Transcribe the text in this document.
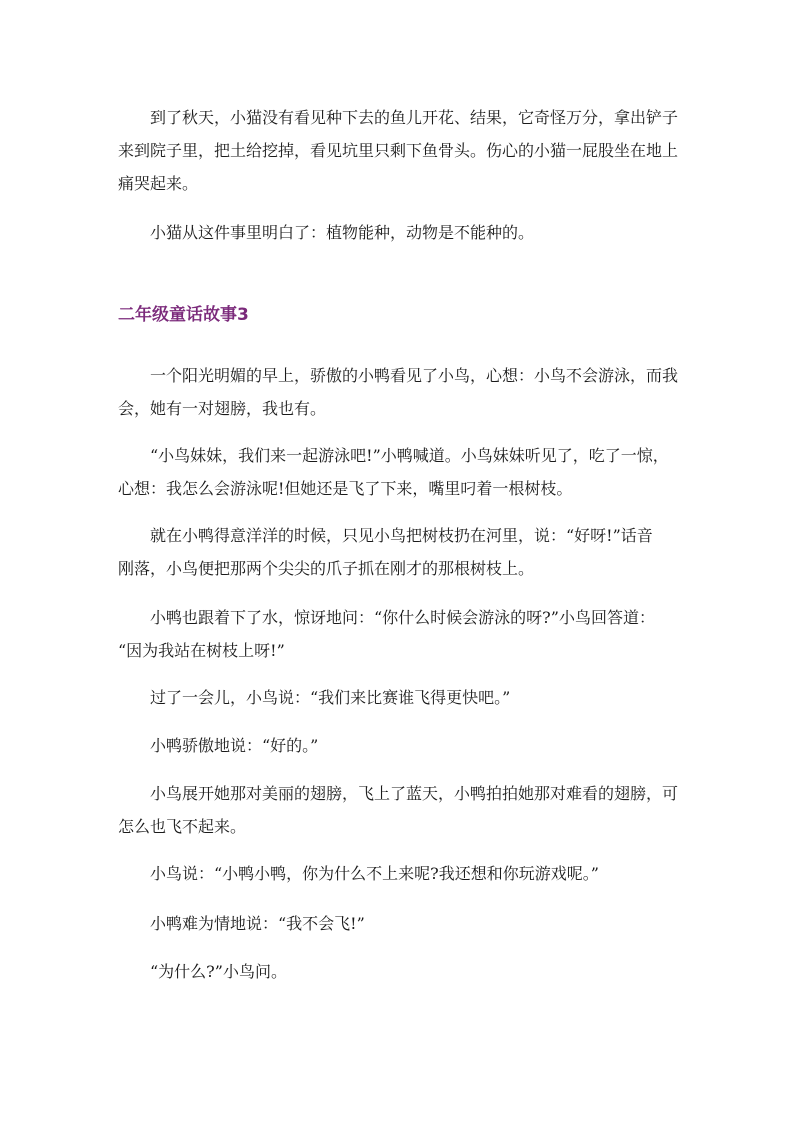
　　到了秋天，小猫没有看见种下去的鱼儿开花、结果，它奇怪万分，拿出铲子
来到院子里，把土给挖掉，看见坑里只剩下鱼骨头。伤心的小猫一屁股坐在地上
痛哭起来。

　　小猫从这件事里明白了：植物能种，动物是不能种的。

二年级童话故事3

　　一个阳光明媚的早上，骄傲的小鸭看见了小鸟，心想：小鸟不会游泳，而我
会，她有一对翅膀，我也有。

　　“小鸟妹妹，我们来一起游泳吧!”小鸭喊道。小鸟妹妹听见了，吃了一惊，
心想：我怎么会游泳呢!但她还是飞了下来，嘴里叼着一根树枝。

　　就在小鸭得意洋洋的时候，只见小鸟把树枝扔在河里，说：“好呀!”话音
刚落，小鸟便把那两个尖尖的爪子抓在刚才的那根树枝上。

　　小鸭也跟着下了水，惊讶地问：“你什么时候会游泳的呀?”小鸟回答道：
“因为我站在树枝上呀!”

　　过了一会儿，小鸟说：“我们来比赛谁飞得更快吧。”

　　小鸭骄傲地说：“好的。”

　　小鸟展开她那对美丽的翅膀，飞上了蓝天，小鸭拍拍她那对难看的翅膀，可
怎么也飞不起来。

　　小鸟说：“小鸭小鸭，你为什么不上来呢?我还想和你玩游戏呢。”

　　小鸭难为情地说：“我不会飞!”

　　“为什么?”小鸟问。
